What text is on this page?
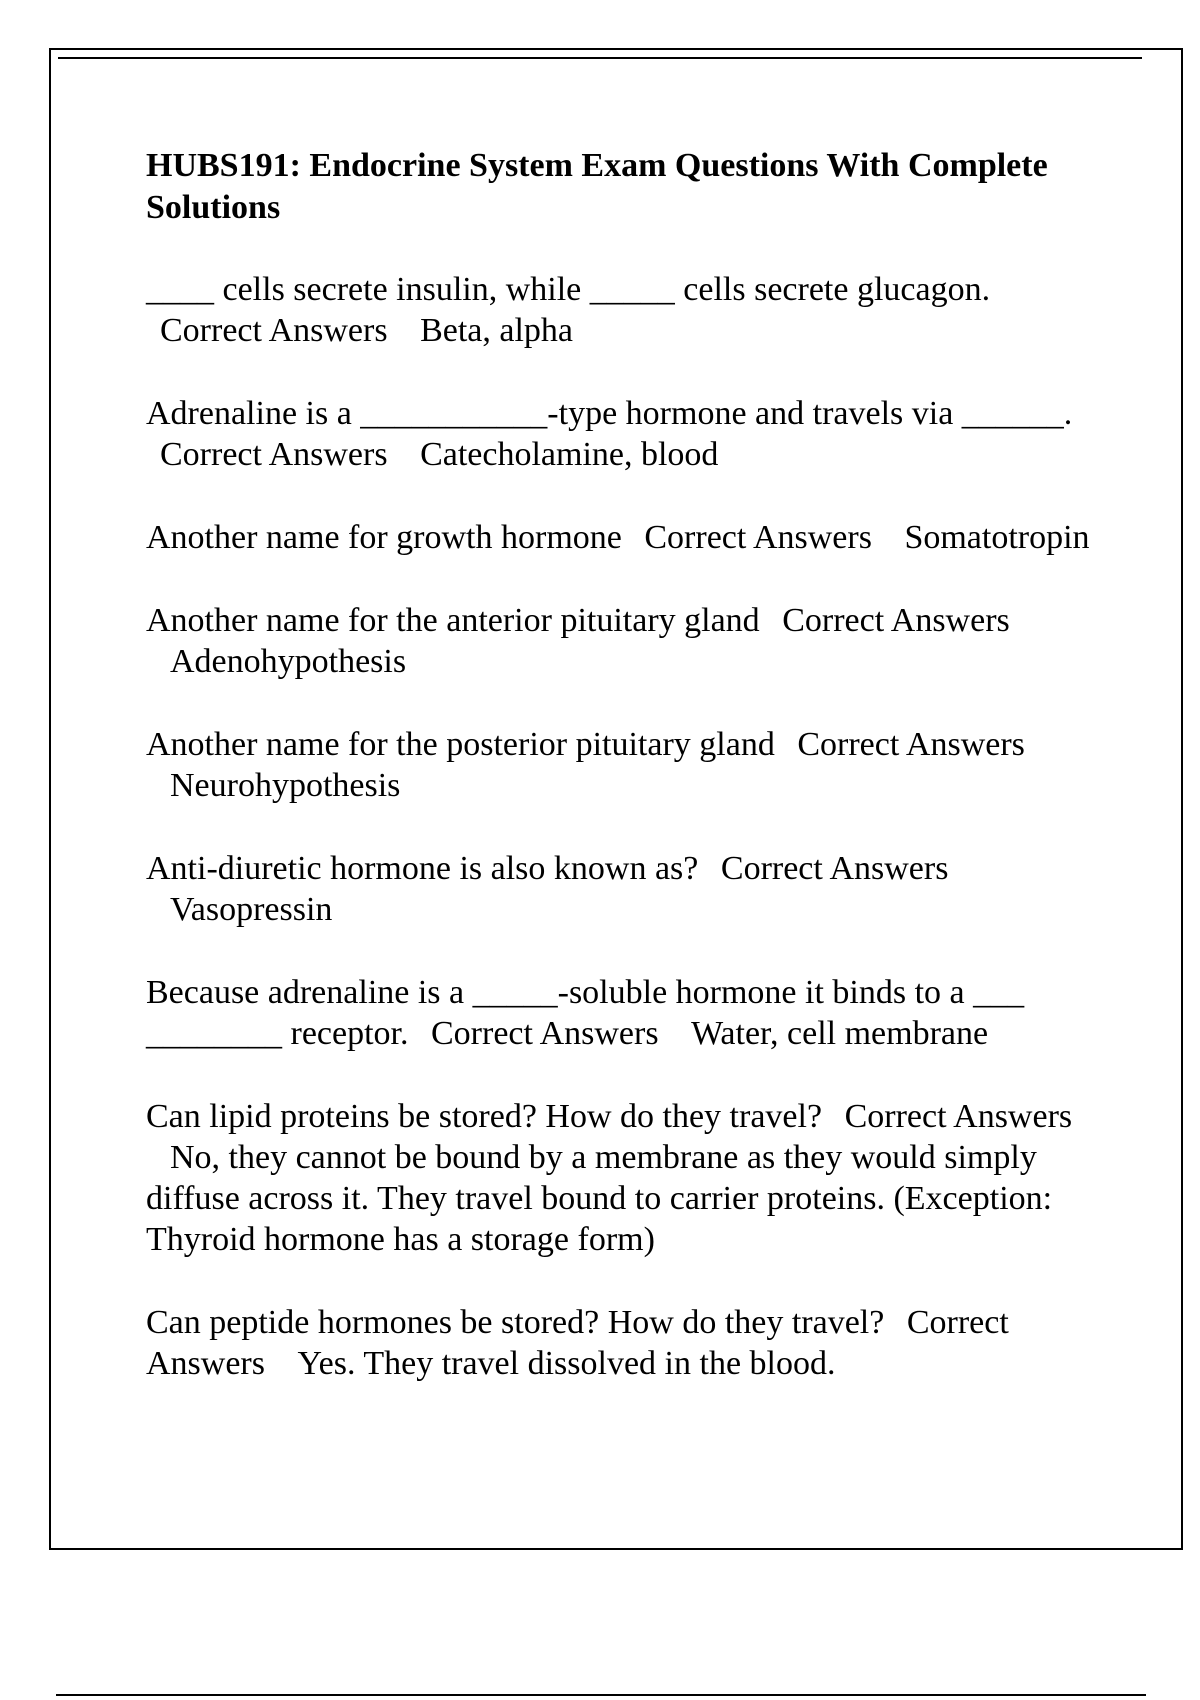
HUBS191: Endocrine System Exam Questions With Complete Solutions
____ cells secrete insulin, while _____ cells secrete glucagon. Correct Answers Beta, alpha
Adrenaline is a ___________-type hormone and travels via ______. Correct Answers Catecholamine, blood
Another name for growth hormone Correct Answers Somatotropin
Another name for the anterior pituitary gland Correct Answers Adenohypothesis
Another name for the posterior pituitary gland Correct Answers Neurohypothesis
Anti-diuretic hormone is also known as? Correct Answers Vasopressin
Because adrenaline is a _____-soluble hormone it binds to a ___ ________ receptor. Correct Answers Water, cell membrane
Can lipid proteins be stored? How do they travel? Correct Answers No, they cannot be bound by a membrane as they would simply diffuse across it. They travel bound to carrier proteins. (Exception: Thyroid hormone has a storage form)
Can peptide hormones be stored? How do they travel? Correct Answers Yes. They travel dissolved in the blood.
